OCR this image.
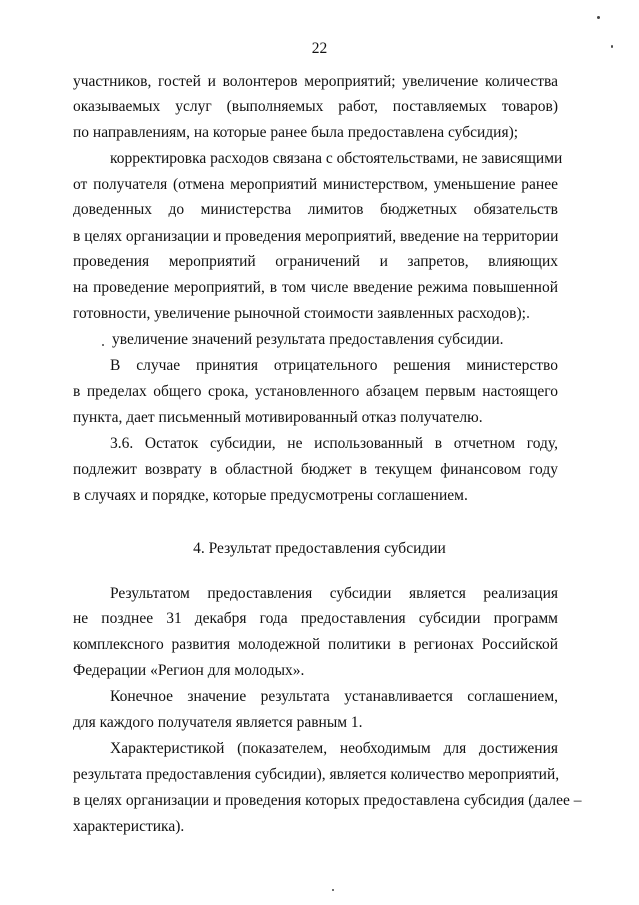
22
участников, гостей и волонтеров мероприятий; увеличение количества
оказываемых услуг (выполняемых работ, поставляемых товаров)
по направлениям, на которые ранее была предоставлена субсидия);
корректировка расходов связана с обстоятельствами, не зависящими
от получателя (отмена мероприятий министерством, уменьшение ранее
доведенных до министерства лимитов бюджетных обязательств
в целях организации и проведения мероприятий, введение на территории
проведения мероприятий ограничений и запретов, влияющих
на проведение мероприятий, в том числе введение режима повышенной
готовности, увеличение рыночной стоимости заявленных расходов);
увеличение значений результата предоставления субсидии.
В случае принятия отрицательного решения министерство
в пределах общего срока, установленного абзацем первым настоящего
пункта, дает письменный мотивированный отказ получателю.
3.6. Остаток субсидии, не использованный в отчетном году,
подлежит возврату в областной бюджет в текущем финансовом году
в случаях и порядке, которые предусмотрены соглашением.
4. Результат предоставления субсидии
Результатом предоставления субсидии является реализация
не позднее 31 декабря года предоставления субсидии программ
комплексного развития молодежной политики в регионах Российской
Федерации «Регион для молодых».
Конечное значение результата устанавливается соглашением,
для каждого получателя является равным 1.
Характеристикой (показателем, необходимым для достижения
результата предоставления субсидии), является количество мероприятий,
в целях организации и проведения которых предоставлена субсидия (далее –
характеристика).
